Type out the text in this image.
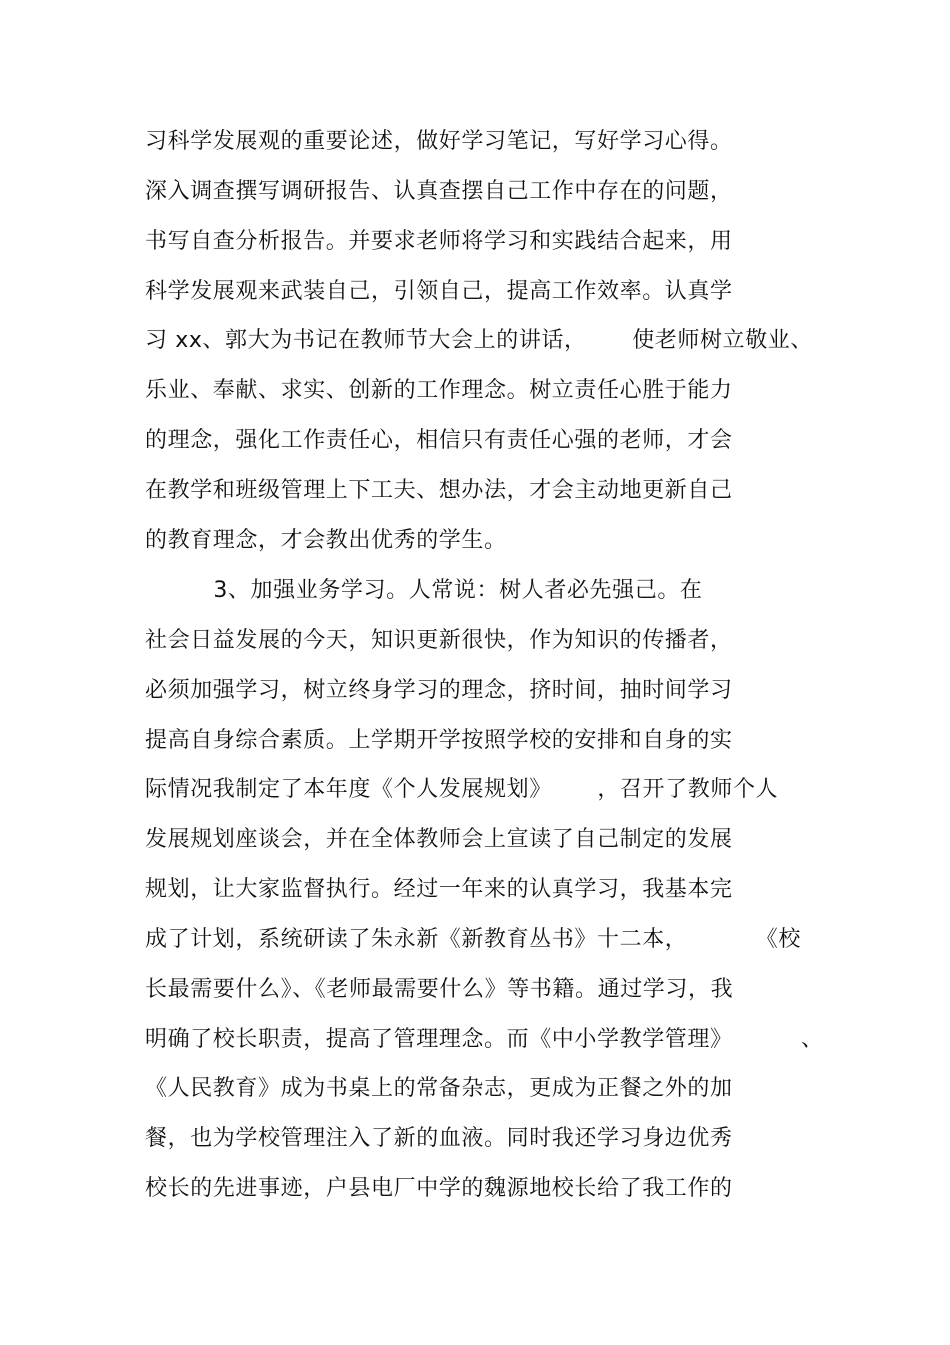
习科学发展观的重要论述，做好学习笔记，写好学习心得。
深入调查撰写调研报告、认真查摆自己工作中存在的问题，
书写自查分析报告。并要求老师将学习和实践结合起来，用
科学发展观来武装自己，引领自己，提高工作效率。认真学
习 xx、郭大为书记在教师节大会上的讲话，      使老师树立敬业、
乐业、奉献、求实、创新的工作理念。树立责任心胜于能力
的理念，强化工作责任心，相信只有责任心强的老师，才会
在教学和班级管理上下工夫、想办法，才会主动地更新自己
的教育理念，才会教出优秀的学生。
3、加强业务学习。人常说：树人者必先强己。在
社会日益发展的今天，知识更新很快，作为知识的传播者，
必须加强学习，树立终身学习的理念，挤时间，抽时间学习
提高自身综合素质。上学期开学按照学校的安排和自身的实
际情况我制定了本年度《个人发展规划》      ，召开了教师个人
发展规划座谈会，并在全体教师会上宣读了自己制定的发展
规划，让大家监督执行。经过一年来的认真学习，我基本完
成了计划，系统研读了朱永新《新教育丛书》十二本，         《校
长最需要什么》、《老师最需要什么》等书籍。通过学习，我
明确了校长职责，提高了管理理念。而《中小学教学管理》         、
《人民教育》成为书桌上的常备杂志，更成为正餐之外的加
餐，也为学校管理注入了新的血液。同时我还学习身边优秀
校长的先进事迹，户县电厂中学的魏源地校长给了我工作的
